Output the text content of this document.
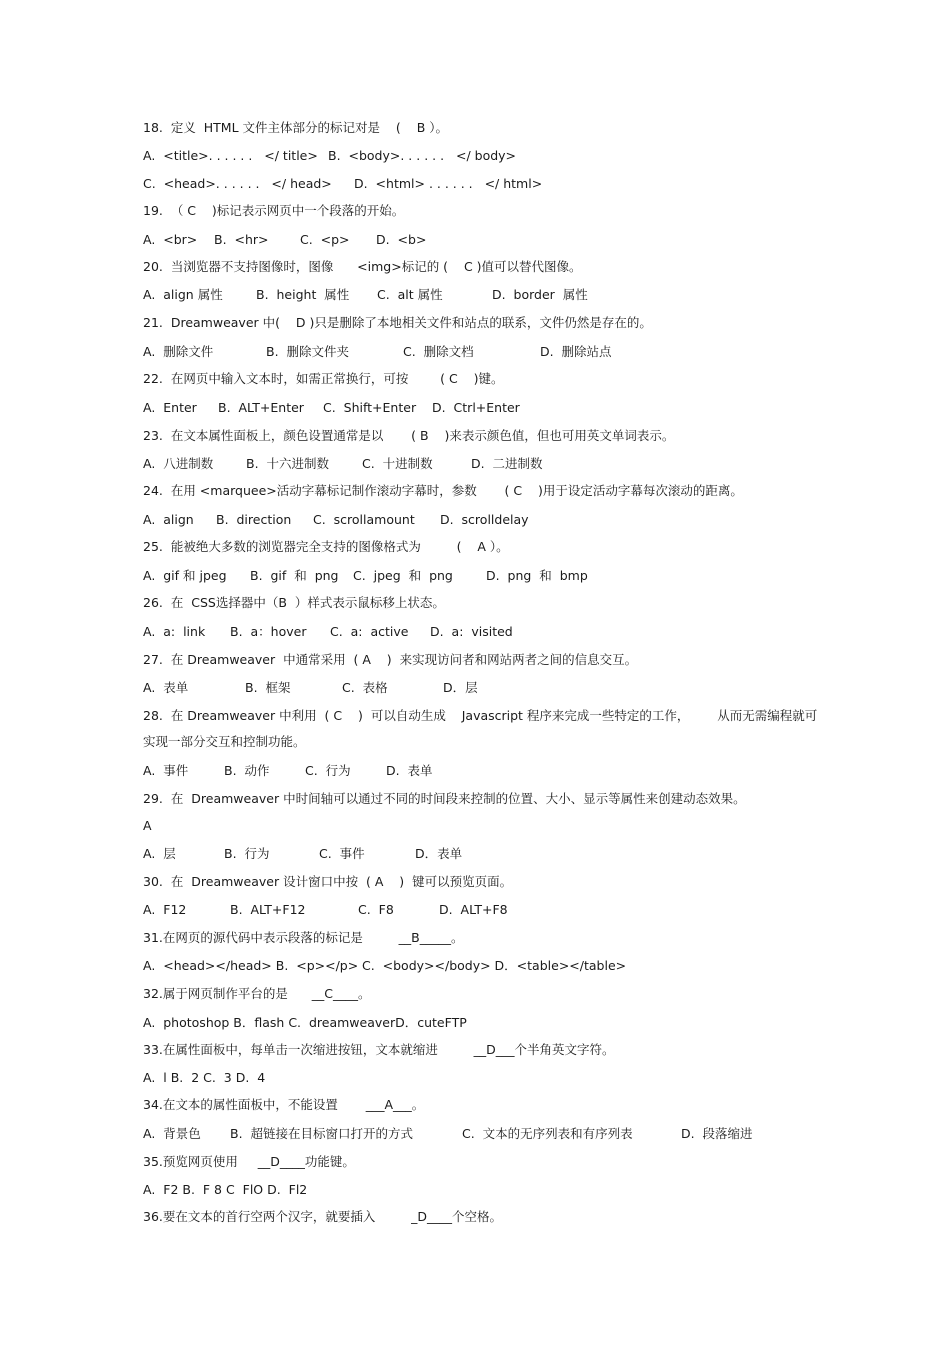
18.  定义  HTML 文件主体部分的标记对是    (    B ）。
A.  <title>. . . . . .   </ title> B.  <body>. . . . . .   </ body>
C.  <head>. . . . . .   </ head> D.  <html> . . . . . .   </ html>
19.  （ C    )标记表示网页中一个段落的开始。
A.  <br> B.  <hr>	C.  <p> D.  <b>
20.  当浏览器不支持图像时，图像      <img>标记的 (    C )值可以替代图像。
A.  align 属性	B.  height  属性 C.  alt 属性	D.  border  属性
21.  Dreamweaver 中(    D )只是删除了本地相关文件和站点的联系，文件仍然是存在的。
A.  删除文件	B.  删除文件夹	C.  删除文档	D.  删除站点
22.  在网页中输入文本时，如需正常换行，可按        ( C    )键。
A.  Enter B.  ALT+Enter C.  Shift+Enter D.  Ctrl+Enter
23.  在文本属性面板上，颜色设置通常是以       ( B    )来表示颜色值，但也可用英文单词表示。
A.  八进制数	B.  十六进制数	C.  十进制数	D.  二进制数
24.  在用 <marquee>活动字幕标记制作滚动字幕时，参数       ( C    )用于设定活动字幕每次滚动的距离。
A.  align B.  direction C.  scrollamount D.  scrolldelay
25.  能被绝大多数的浏览器完全支持的图像格式为         (    A ）。
A.  gif 和 jpeg B.  gif  和  png C.  jpeg  和  png	D.  png  和  bmp
26.  在  CSS选择器中（B  ）样式表示鼠标移上状态。
A.  a:  link B.  a：hover C.  a:  active D.  a:  visited
27.  在 Dreamweaver  中通常采用  ( A    )  来实现访问者和网站两者之间的信息交互。
A.  表单	B.  框架	C.  表格	D．层
28.  在 Dreamweaver 中利用  ( C    )  可以自动生成    Javascript 程序来完成一些特定的工作，       从而无需编程就可
实现一部分交互和控制功能。
A.  事件	B.  动作	C.  行为	D.  表单
29.  在  Dreamweaver 中时间轴可以通过不同的时间段来控制的位置、大小、显示等属性来创建动态效果。
A
A.  层	B.  行为	C.  事件	D．表单
30.  在  Dreamweaver 设计窗口中按  ( A    )  键可以预览页面。
A.  F12	B.  ALT+F12	C.  F8	D.  ALT+F8
31.在网页的源代码中表示段落的标记是         __B_____。
A.  <head></head> B.  <p></p> C.  <body></body> D．<table></table>
32.属于网页制作平台的是      __C____。
A.  photoshop B．flash C.  dreamweaverD．cuteFTP
33.在属性面板中，每单击一次缩进按钮，文本就缩进         __D___个半角英文字符。
A.  l B.  2 C.  3 D.  4
34.在文本的属性面板中，不能设置       ___A___。
A.  背景色 B.  超链接在目标窗口打开的方式	C.  文本的无序列表和有序列表	D.  段落缩进
35.预览网页使用     __D____功能键。
A.  F2 B.  F 8 C  FlO D.  Fl2
36.要在文本的首行空两个汉字，就要插入         _D____个空格。
